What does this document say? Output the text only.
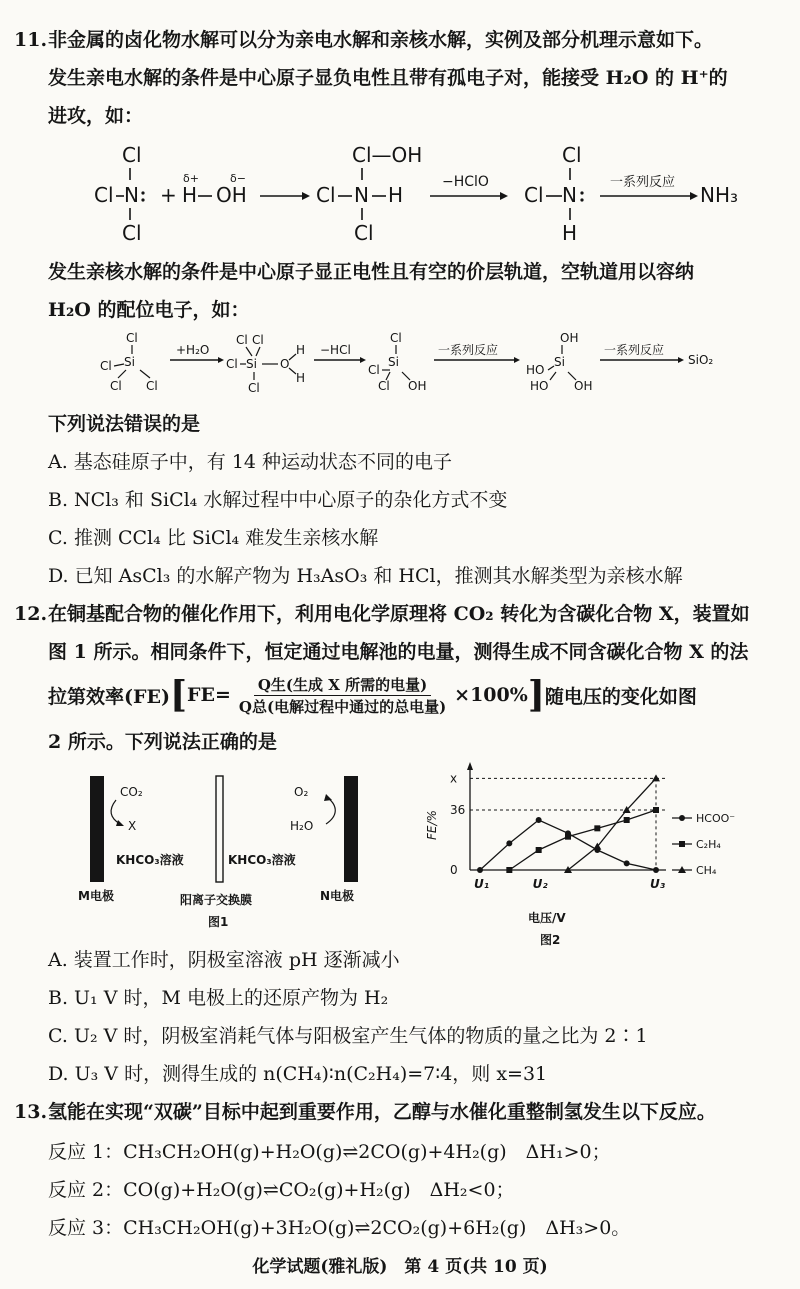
11. 非金属的卤化物水解可以分为亲电水解和亲核水解，实例及部分机理示意如下。
发生亲电水解的条件是中心原子显负电性且带有孤电子对，能接受 H₂O 的 H⁺的
进攻，如：
Cl
Cl N
Cl
+
δ+
H
δ−
OH
Cl—OH
Cl N H
Cl
−HClO
Cl
Cl N
H
一系列反应
NH₃
发生亲核水解的条件是中心原子显正电性且有空的价层轨道，空轨道用以容纳
H₂O 的配位电子，如：
Cl
Si
Cl
Cl Cl
+H₂O
Cl Cl
Cl Si O
H
H
Cl
−HCl
Cl
Si
Cl
Cl OH
一系列反应
OH
Si
HO
HO OH
一系列反应
SiO₂
下列说法错误的是
A. 基态硅原子中，有 14 种运动状态不同的电子
B. NCl₃ 和 SiCl₄ 水解过程中中心原子的杂化方式不变
C. 推测 CCl₄ 比 SiCl₄ 难发生亲核水解
D. 已知 AsCl₃ 的水解产物为 H₃AsO₃ 和 HCl，推测其水解类型为亲核水解
12. 在铜基配合物的催化作用下，利用电化学原理将 CO₂ 转化为含碳化合物 X，装置如
图 1 所示。相同条件下，恒定通过电解池的电量，测得生成不同含碳化合物 X 的法
拉第效率(FE) [ $FE= \frac{\text{Q生(生成 X 所需的电量)}}{\text{Q总(电解过程中通过的总电量)}} \times 100\%$ ] 随电压的变化如图
2 所示。下列说法正确的是
CO₂
X
O₂
H₂O
KHCO₃溶液	KHCO₃溶液
M电极	阳离子交换膜	N电极
图1
FE/%
电压/V
图2
0
36
x
U₁	U₂	U₃
HCOO⁻
C₂H₄
CH₄
A. 装置工作时，阴极室溶液 pH 逐渐减小
B. U₁ V 时，M 电极上的还原产物为 H₂
C. U₂ V 时，阴极室消耗气体与阳极室产生气体的物质的量之比为 2∶1
D. U₃ V 时，测得生成的 n(CH₄)∶n(C₂H₄)=7∶4，则 x=31
13. 氢能在实现“双碳”目标中起到重要作用，乙醇与水催化重整制氢发生以下反应。
反应 1：CH₃CH₂OH(g)+H₂O(g)⇌2CO(g)+4H₂(g)　ΔH₁>0；
反应 2：CO(g)+H₂O(g)⇌CO₂(g)+H₂(g)　ΔH₂<0；
反应 3：CH₃CH₂OH(g)+3H₂O(g)⇌2CO₂(g)+6H₂(g)　ΔH₃>0。
化学试题(雅礼版)　第 4 页(共 10 页)
